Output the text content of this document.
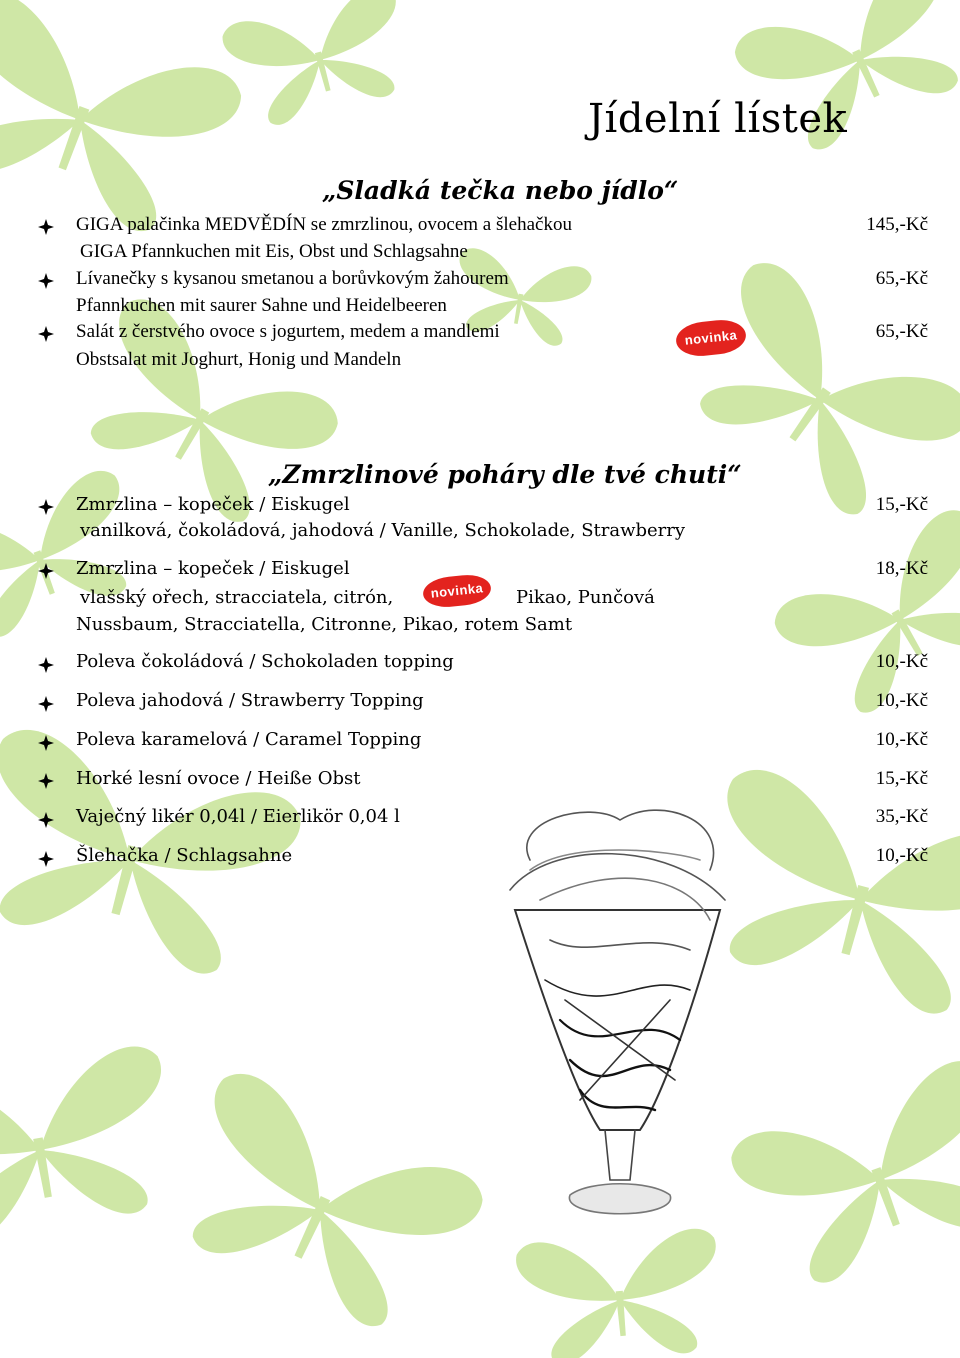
Jídelní lístek
„Sladká tečka nebo jídlo“
GIGA palačinka MEDVĚDÍN se zmrzlinou, ovocem a šlehačkou
GIGA Pfannkuchen mit Eis, Obst und Schlagsahne
145,-Kč
Lívanečky s kysanou smetanou a borůvkovým žahourem
Pfannkuchen mit saurer Sahne und Heidelbeeren
65,-Kč
Salát z čerstvého ovoce s jogurtem, medem a mandlemi
Obstsalat mit Joghurt, Honig und Mandeln
novinka	65,-Kč
„Zmrzlinové poháry dle tvé chuti“
Zmrzlina – kopeček / Eiskugel
vanilková, čokoládová, jahodová / Vanille, Schokolade, Strawberry
15,-Kč
Zmrzlina – kopeček / Eiskugel
vlašský ořech, stracciatela, citrón,	novinka	Pikao, Punčová
Nussbaum, Stracciatella, Citronne, Pikao, rotem Samt
18,-Kč
Poleva čokoládová / Schokoladen topping	10,-Kč
Poleva jahodová / Strawberry Topping	10,-Kč
Poleva karamelová / Caramel Topping	10,-Kč
Horké lesní ovoce / Heiße Obst	15,-Kč
Vaječný likér 0,04l / Eierlikör 0,04 l	35,-Kč
Šlehačka / Schlagsahne	10,-Kč
